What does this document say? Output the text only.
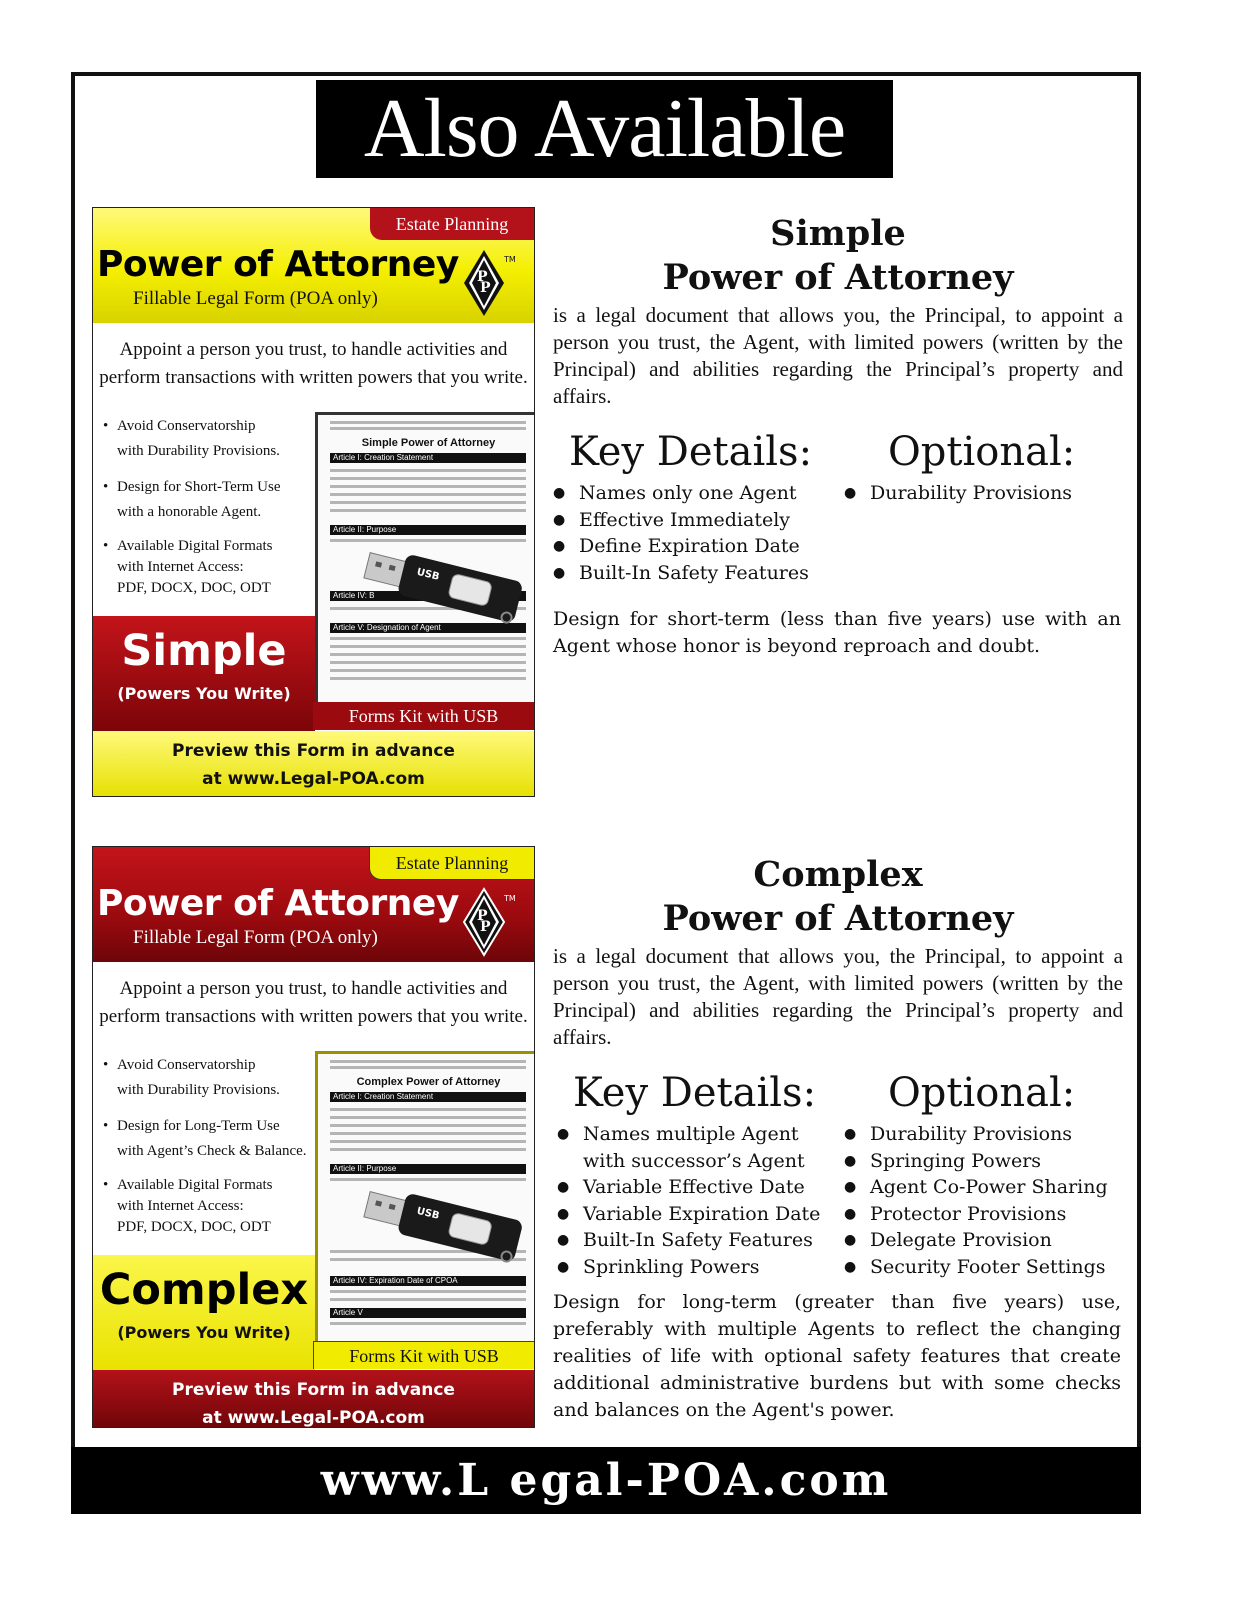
Also Available
Estate Planning
Power of Attorney
Fillable Legal Form (POA only)
P
P
TM
Appoint a person you trust, to handle activities and
perform transactions with written powers that you write.
• Avoid Conservatorship
with Durability Provisions.
• Design for Short-Term Use
with a honorable Agent.
• Available Digital Formats
with Internet Access:
PDF, DOCX, DOC, ODT
Simple Power of Attorney
Article I: Creation Statement
Article II: Purpose
Article IV: B
Article V: Designation of Agent
USB
Simple
(Powers You Write)
Forms Kit with USB
Preview this Form in advance
at www.Legal-POA.com
Simple
Power of Attorney

is a legal document that allows you, the Principal, to appoint a person you trust, the Agent, with limited powers (written by the Principal) and abilities regarding the Principal’s property and affairs.

Key Details:
● Names only one Agent
● Effective Immediately
● Define Expiration Date
● Built-In Safety Features
Optional:
● Durability Provisions
Design for short-term (less than five years) use with an Agent whose honor is beyond reproach and doubt.
Estate Planning
Power of Attorney
Fillable Legal Form (POA only)
P
P
TM
Appoint a person you trust, to handle activities and
perform transactions with written powers that you write.
• Avoid Conservatorship
with Durability Provisions.
• Design for Long-Term Use
with Agent’s Check & Balance.
• Available Digital Formats
with Internet Access:
PDF, DOCX, DOC, ODT
Complex Power of Attorney
Article I: Creation Statement
Article II: Purpose
Article IV: Expiration Date of CPOA
Article V
USB
Complex
(Powers You Write)
Forms Kit with USB
Preview this Form in advance
at www.Legal-POA.com
Complex
Power of Attorney

is a legal document that allows you, the Principal, to appoint a person you trust, the Agent, with limited powers (written by the Principal) and abilities regarding the Principal’s property and affairs.

Key Details:
● Names multiple Agent
with successor’s Agent
● Variable Effective Date
● Variable Expiration Date
● Built-In Safety Features
● Sprinkling Powers
Optional:
● Durability Provisions
● Springing Powers
● Agent Co-Power Sharing
● Protector Provisions
● Delegate Provision
● Security Footer Settings
Design for long-term (greater than five years) use, preferably with multiple Agents to reflect the changing realities of life with optional safety features that create additional administrative burdens but with some checks and balances on the Agent's power.
www.L egal-POA.com
